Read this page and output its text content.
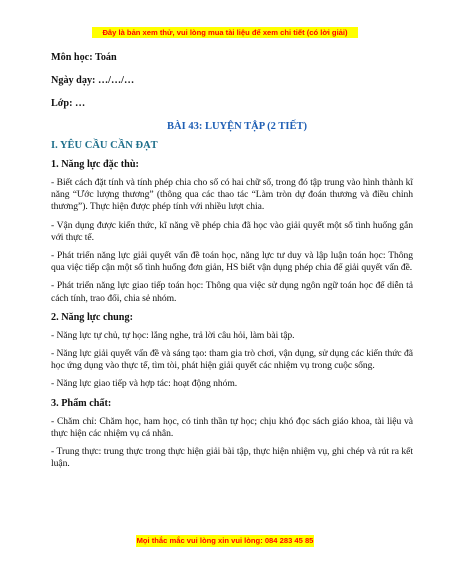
Đây là bản xem thử, vui lòng mua tài liệu để xem chi tiết (có lời giải)
Môn học: Toán
Ngày dạy: …/…/…
Lớp: …
BÀI 43: LUYỆN TẬP (2 TIẾT)
I. YÊU CẦU CẦN ĐẠT
1. Năng lực đặc thù:
- Biết cách đặt tính và tính phép chia cho số có hai chữ số, trong đó tập trung vào hình thành kĩ năng “Ước lượng thương” (thông qua các thao tác “Làm tròn dự đoán thương và điều chỉnh thương”). Thực hiện được phép tính với nhiều lượt chia.
- Vận dụng được kiến thức, kĩ năng về phép chia đã học vào giải quyết một số tình huống gắn với thực tế.
- Phát triển năng lực giải quyết vấn đề toán học, năng lực tư duy và lập luận toán học: Thông qua việc tiếp cận một số tình huống đơn giản, HS biết vận dụng phép chia để giải quyết vấn đề.
- Phát triển năng lực giao tiếp toán học: Thông qua việc sử dụng ngôn ngữ toán học để diễn tả cách tính, trao đổi, chia sẻ nhóm.
2. Năng lực chung:
- Năng lực tự chủ, tự học: lắng nghe, trả lời câu hỏi, làm bài tập.
- Năng lực giải quyết vấn đề và sáng tạo: tham gia trò chơi, vận dụng, sử dụng các kiến thức đã học ứng dụng vào thực tế, tìm tòi, phát hiện giải quyết các nhiệm vụ trong cuộc sống.
- Năng lực giao tiếp và hợp tác: hoạt động nhóm.
3. Phẩm chất:
- Chăm chỉ: Chăm học, ham học, có tinh thần tự học; chịu khó đọc sách giáo khoa, tài liệu và thực hiện các nhiệm vụ cá nhân.
- Trung thực: trung thực trong thực hiện giải bài tập, thực hiện nhiệm vụ, ghi chép và rút ra kết luận.
Mọi thắc mắc vui lòng xin vui lòng: 084 283 45 85
